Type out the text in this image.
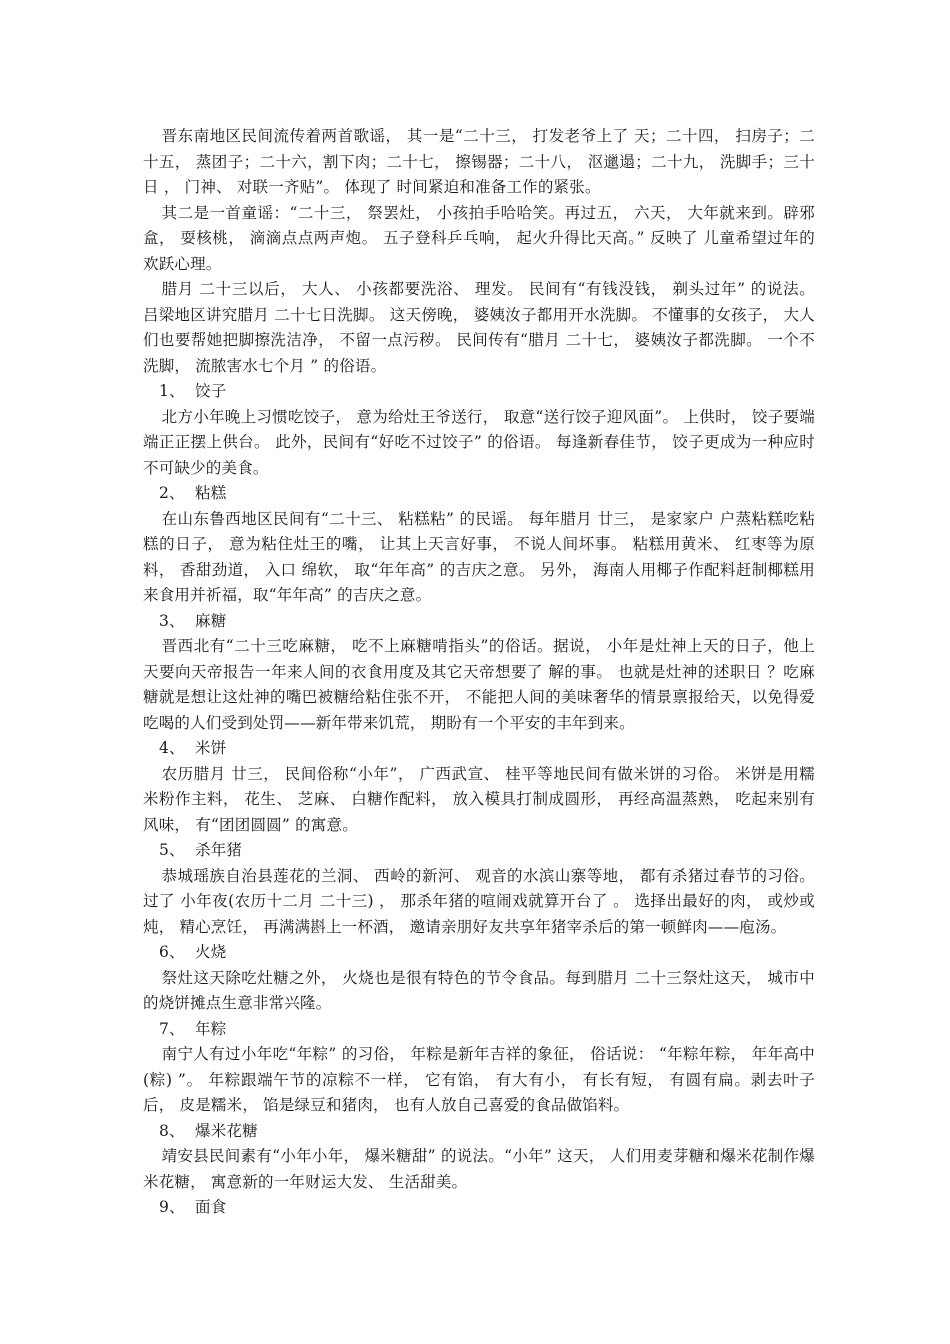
晋东南地区民间流传着两首歌谣， 其一是“二十三， 打发老爷上了 天；二十四， 扫房子；二十五， 蒸团子；二十六，割下肉；二十七， 擦锡器；二十八， 沤邋遢；二十九， 洗脚手；三十日 ， 门神、 对联一齐贴”。 体现了 时间紧迫和准备工作的紧张。

其二是一首童谣：“二十三， 祭罢灶， 小孩拍手哈哈笑。再过五， 六天， 大年就来到。辟邪盒， 耍核桃， 滴滴点点两声炮。 五子登科乒乓响， 起火升得比天高。” 反映了 儿童希望过年的欢跃心理。

腊月 二十三以后， 大人、 小孩都要洗浴、 理发。 民间有“有钱没钱， 剃头过年” 的说法。 吕梁地区讲究腊月 二十七日洗脚。 这天傍晚， 婆姨汝子都用开水洗脚。 不懂事的女孩子， 大人们也要帮她把脚擦洗洁净， 不留一点污秽。 民间传有“腊月 二十七， 婆姨汝子都洗脚。 一个不洗脚， 流脓害水七个月 ” 的俗语。

1、 饺子

北方小年晚上习惯吃饺子， 意为给灶王爷送行， 取意“送行饺子迎风面”。 上供时， 饺子要端端正正摆上供台。 此外，民间有“好吃不过饺子” 的俗语。 每逢新春佳节， 饺子更成为一种应时不可缺少的美食。

2、 粘糕

在山东鲁西地区民间有“二十三、 粘糕粘” 的民谣。 每年腊月 廿三， 是家家户 户蒸粘糕吃粘糕的日子， 意为粘住灶王的嘴， 让其上天言好事， 不说人间坏事。 粘糕用黄米、 红枣等为原料， 香甜劲道， 入口 绵软， 取“年年高” 的吉庆之意。 另外， 海南人用椰子作配料赶制椰糕用来食用并祈福，取“年年高” 的吉庆之意。

3、 麻糖

晋西北有“二十三吃麻糖， 吃不上麻糖啃指头”的俗话。据说， 小年是灶神上天的日子，他上天要向天帝报告一年来人间的衣食用度及其它天帝想要了 解的事。 也就是灶神的述职日 ？吃麻糖就是想让这灶神的嘴巴被糖给粘住张不开， 不能把人间的美味奢华的情景禀报给天，以免得爱吃喝的人们受到处罚——新年带来饥荒， 期盼有一个平安的丰年到来。

4、 米饼

农历腊月 廿三， 民间俗称“小年”， 广西武宣、 桂平等地民间有做米饼的习俗。 米饼是用糯米粉作主料， 花生、 芝麻、 白糖作配料， 放入模具打制成圆形， 再经高温蒸熟， 吃起来别有风味， 有“团团圆圆” 的寓意。

5、 杀年猪

恭城瑶族自治县莲花的兰洞、 西岭的新河、 观音的水滨山寨等地， 都有杀猪过春节的习俗。 过了 小年夜(农历十二月 二十三) ， 那杀年猪的喧闹戏就算开台了 。 选择出最好的肉， 或炒或炖， 精心烹饪， 再满满斟上一杯酒， 邀请亲朋好友共享年猪宰杀后的第一顿鲜肉——庖汤。

6、 火烧

祭灶这天除吃灶糖之外， 火烧也是很有特色的节令食品。每到腊月 二十三祭灶这天， 城市中的烧饼摊点生意非常兴隆。

7、 年粽

南宁人有过小年吃“年粽” 的习俗， 年粽是新年吉祥的象征， 俗话说： “年粽年粽， 年年高中(粽) ”。 年粽跟端午节的凉粽不一样， 它有馅， 有大有小， 有长有短， 有圆有扁。剥去叶子后， 皮是糯米， 馅是绿豆和猪肉， 也有人放自己喜爱的食品做馅料。

8、 爆米花糖

靖安县民间素有“小年小年， 爆米糖甜” 的说法。“小年” 这天， 人们用麦芽糖和爆米花制作爆米花糖， 寓意新的一年财运大发、 生活甜美。

9、 面食
